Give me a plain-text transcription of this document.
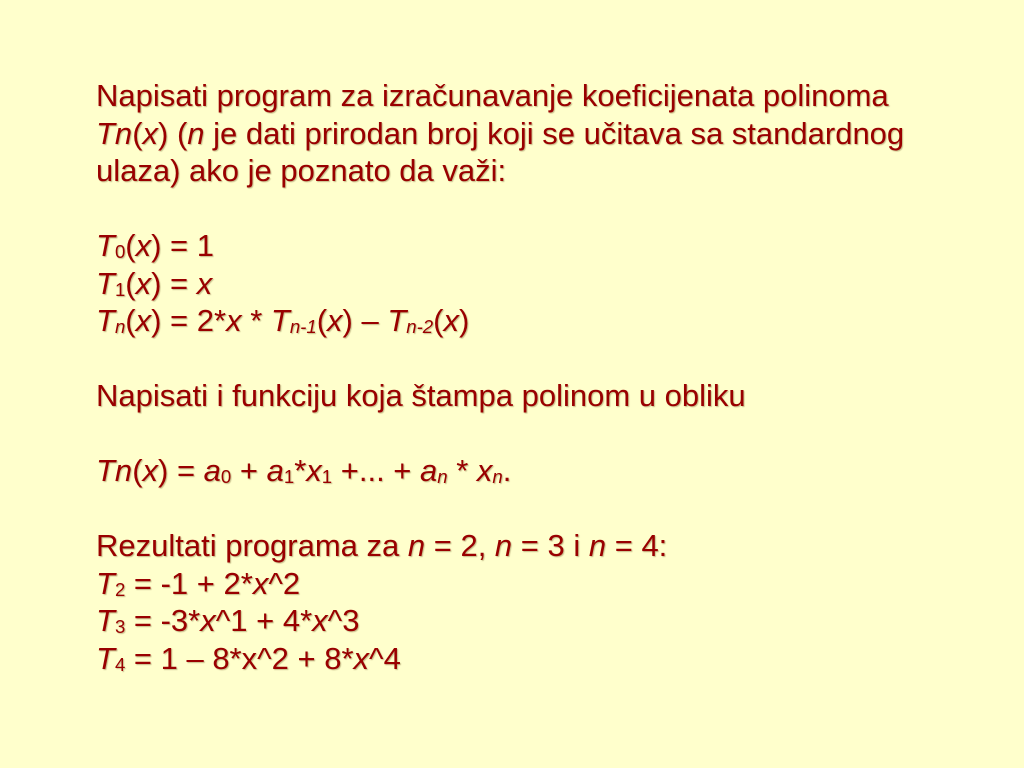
Napisati program za izračunavanje koeficijenata polinoma
Tn(x) (n je dati prirodan broj koji se učitava sa standardnog
ulaza) ako je poznato da važi:
T0(x) = 1
T1(x) = x
Tn(x) = 2*x * Tn-1(x) – Tn-2(x)
Napisati i funkciju koja štampa polinom u obliku
Tn(x) = a0 + a1*x1 +... + an * xn.
Rezultati programa za n = 2, n = 3 i n = 4:
T2 = -1 + 2*x^2
T3 = -3*x^1 + 4*x^3
T4 = 1 – 8*x^2 + 8*x^4
